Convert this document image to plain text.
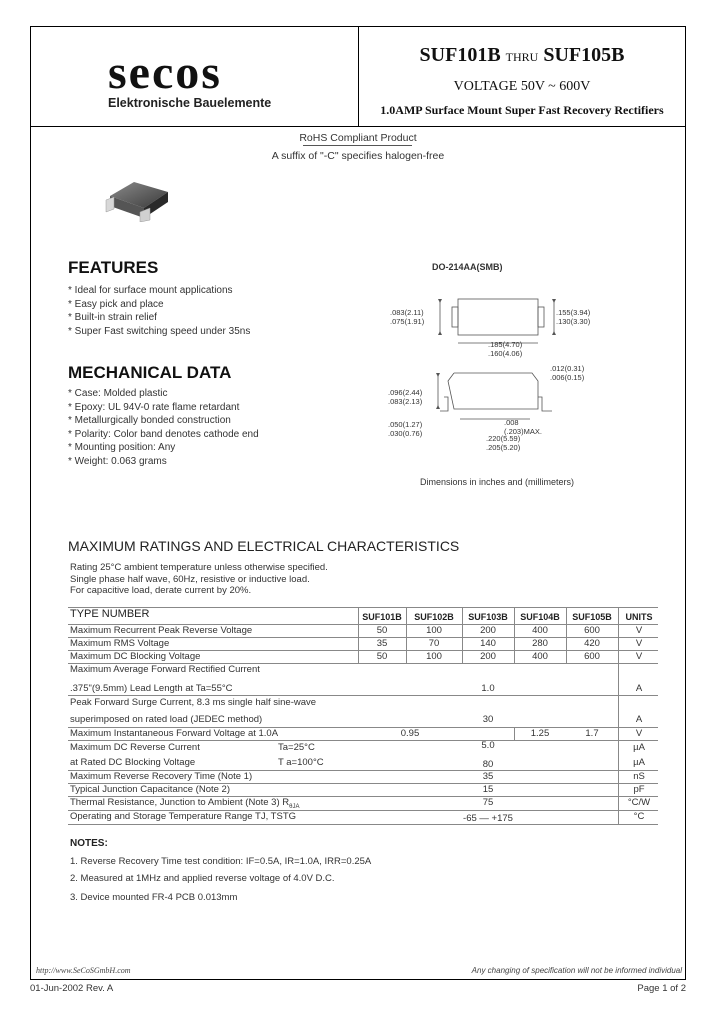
secos
Elektronische Bauelemente
SUF101B THRU SUF105B
VOLTAGE 50V ~ 600V
1.0AMP Surface Mount Super Fast Recovery Rectifiers
RoHS Compliant Product
A suffix of "-C" specifies halogen-free
FEATURES
* Ideal for surface mount applications
* Easy pick and place
* Built-in strain relief
* Super Fast switching speed under 35ns
MECHANICAL DATA
* Case: Molded plastic
* Epoxy: UL 94V-0 rate flame retardant
* Metallurgically bonded construction
* Polarity: Color band denotes cathode end
* Mounting position: Any
* Weight: 0.063 grams
DO-214AA(SMB)
.083(2.11)
.075(1.91)
.155(3.94)
.130(3.30)
.185(4.70)
.160(4.06)
.012(0.31)
.006(0.15)
.096(2.44)
.083(2.13)
.050(1.27)
.030(0.76)
.008
(.203)MAX.
.220(5.59)
.205(5.20)
Dimensions in inches and (millimeters)
MAXIMUM RATINGS AND ELECTRICAL CHARACTERISTICS
Rating 25°C ambient temperature unless otherwise specified.
Single phase half wave, 60Hz, resistive or inductive load.
For capacitive load, derate current by 20%.
TYPE NUMBER	SUF101B	SUF102B	SUF103B	SUF104B	SUF105B	UNITS
Maximum Recurrent Peak Reverse Voltage	50	100	200	400	600	V
Maximum RMS Voltage	35	70	140	280	420	V
Maximum DC Blocking Voltage	50	100	200	400	600	V
Maximum Average Forward Rectified Current
.375"(9.5mm) Lead Length at Ta=55°C	1.0	A
Peak Forward Surge Current, 8.3 ms single half sine-wave
superimposed on rated load (JEDEC method)	30	A
Maximum Instantaneous Forward Voltage at 1.0A	0.95	1.25	1.7	V
Maximum DC Reverse Current	Ta=25°C	5.0	µA
at Rated DC Blocking Voltage	T a=100°C	80	µA
Maximum Reverse Recovery Time (Note 1)	35	nS
Typical Junction Capacitance (Note 2)	15	pF
Thermal Resistance, Junction to Ambient (Note 3) $R_{\theta JA}$	75	°C/W
Operating and Storage Temperature Range TJ, TSTG	-65 — +175	°C
NOTES:
1. Reverse Recovery Time test condition: IF=0.5A, IR=1.0A, IRR=0.25A
2. Measured at 1MHz and applied reverse voltage of 4.0V D.C.
3. Device mounted FR-4 PCB 0.013mm
http://www.SeCoSGmbH.com	Any changing of specification will not be informed individual
01-Jun-2002 Rev. A	Page 1 of 2
